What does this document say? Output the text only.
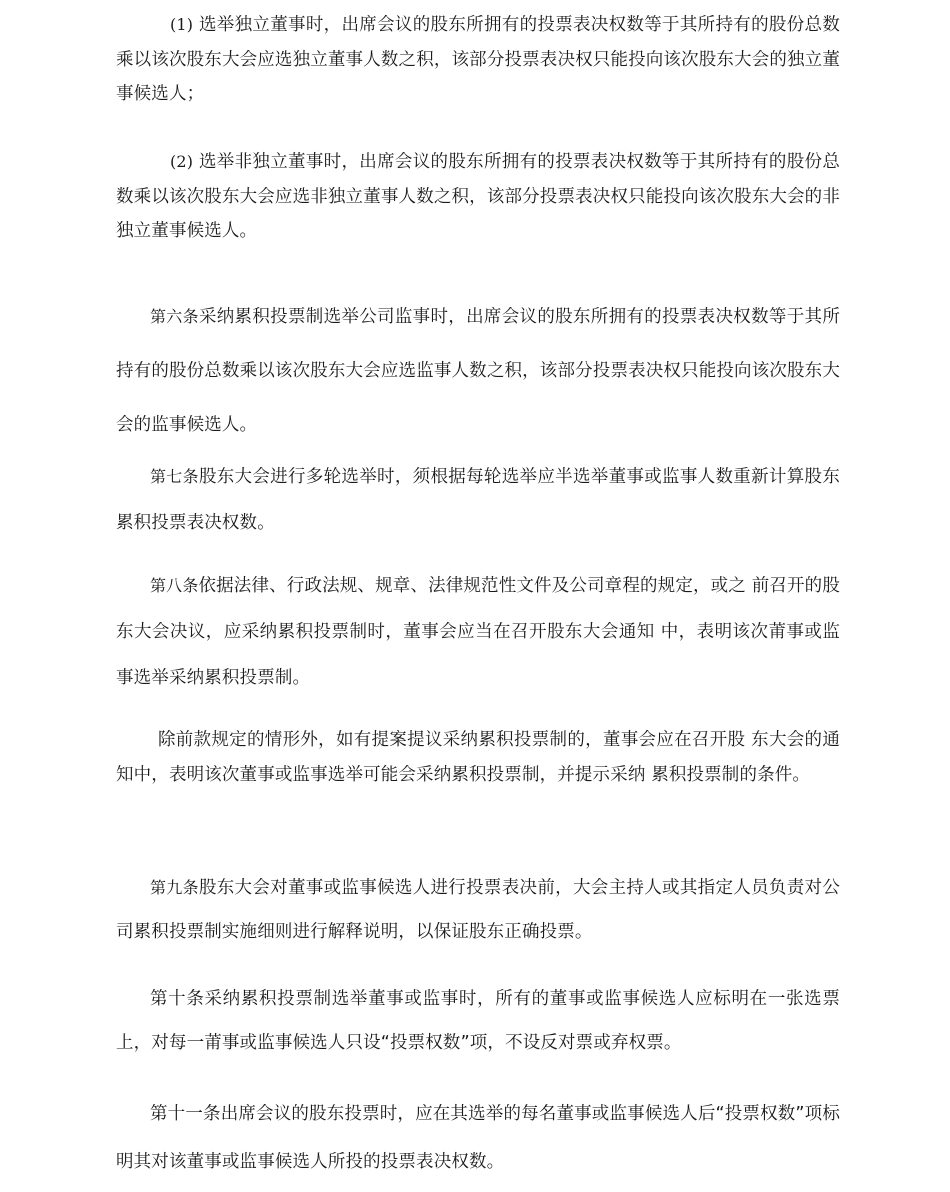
(1) 选举独立董事时，出席会议的股东所拥有的投票表决权数等于其所持有的股份总数乘以该次股东大会应选独立董事人数之积，该部分投票表决权只能投向该次股东大会的独立董事候选人；

(2) 选举非独立董事时，出席会议的股东所拥有的投票表决权数等于其所持有的股份总数乘以该次股东大会应选非独立董事人数之积，该部分投票表决权只能投向该次股东大会的非独立董事候选人。

第六条采纳累积投票制选举公司监事时，出席会议的股东所拥有的投票表决权数等于其所持有的股份总数乘以该次股东大会应选监事人数之积，该部分投票表决权只能投向该次股东大会的监事候选人。

第七条股东大会进行多轮选举时，须根据每轮选举应半选举董事或监事人数重新计算股东累积投票表决权数。

第八条依据法律、行政法规、规章、法律规范性文件及公司章程的规定，或之 前召开的股东大会决议，应采纳累积投票制时，董事会应当在召开股东大会通知 中，表明该次莆事或监事选举采纳累积投票制。

除前款规定的情形外，如有提案提议采纳累积投票制的，董事会应在召开股 东大会的通知中，表明该次董事或监事选举可能会采纳累积投票制，并提示采纳 累积投票制的条件。

第九条股东大会对董事或监事候选人进行投票表决前，大会主持人或其指定人员负责对公司累积投票制实施细则进行解释说明，以保证股东正确投票。

第十条采纳累积投票制选举董事或监事时，所有的董事或监事候选人应标明在一张选票上，对每一莆事或监事候选人只设“投票权数”项，不设反对票或弃权票。

第十一条出席会议的股东投票时，应在其选举的每名董事或监事候选人后“投票权数”项标明其对该董事或监事候选人所投的投票表决权数。
